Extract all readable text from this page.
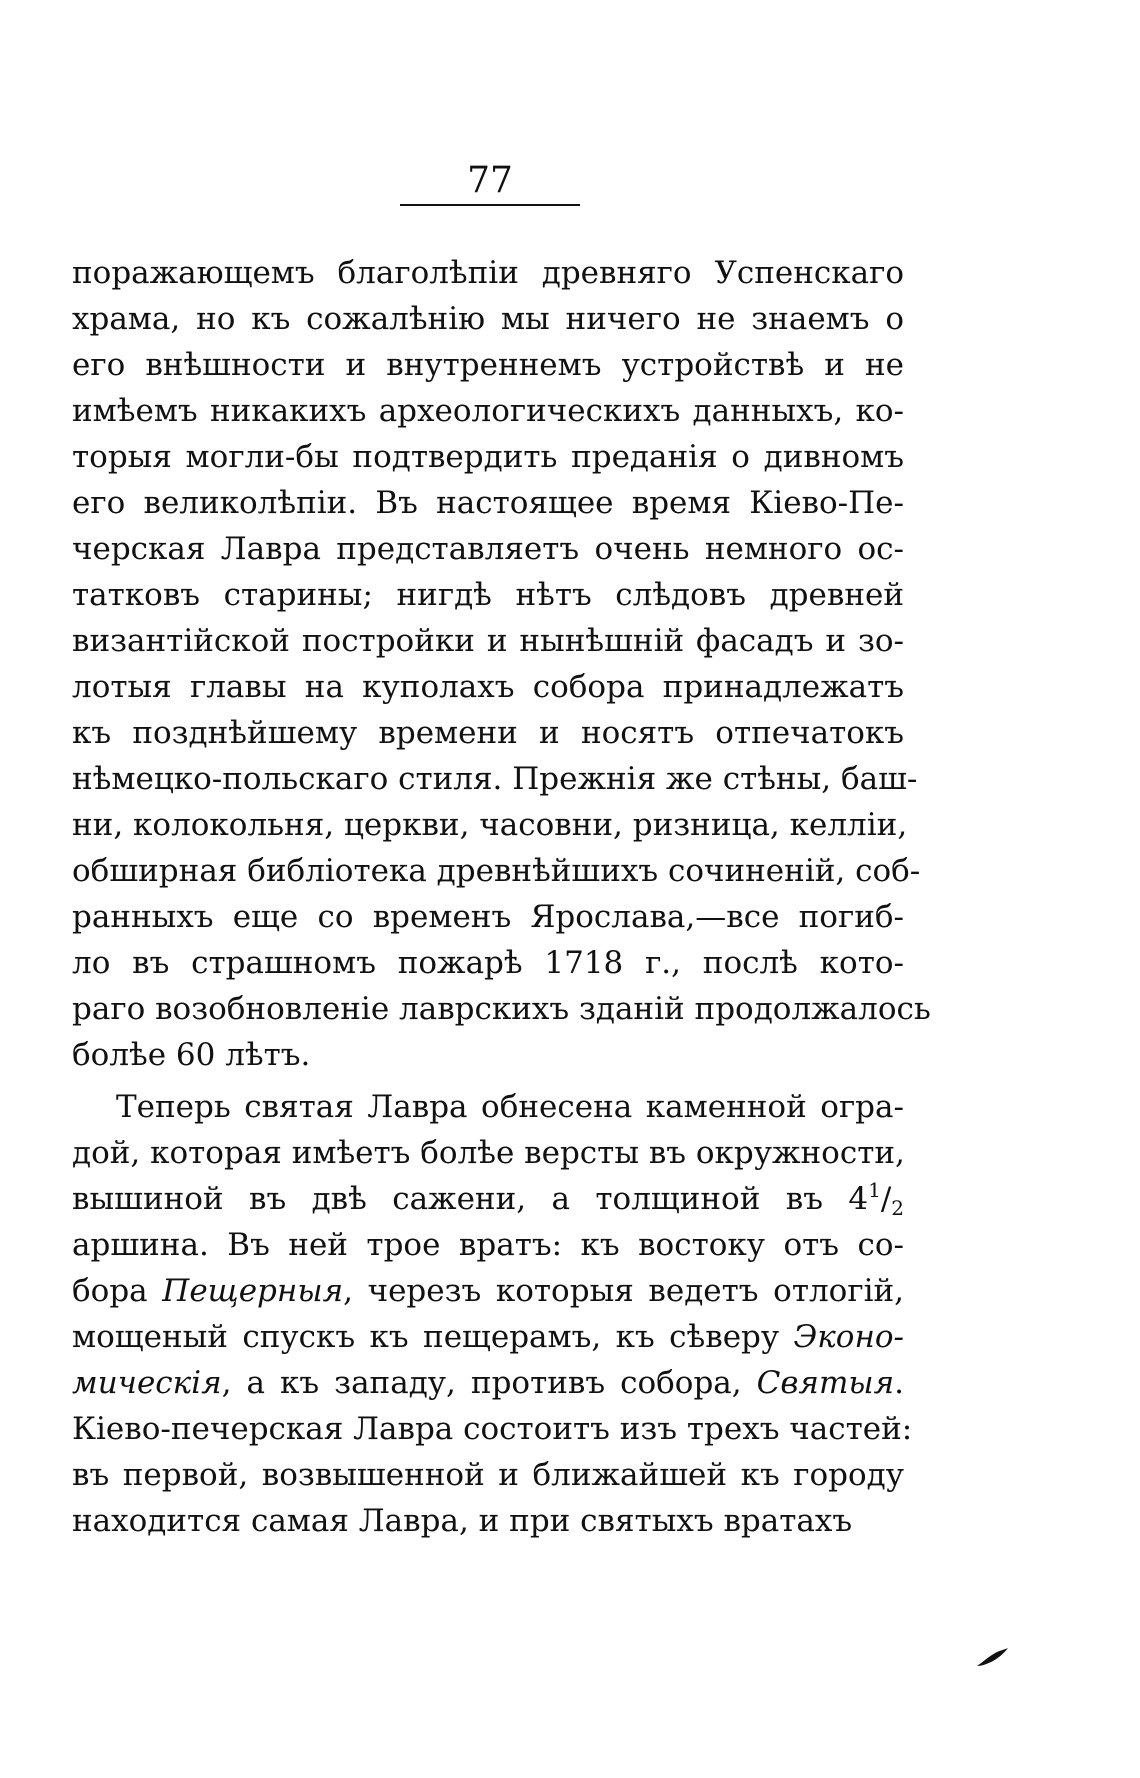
77
поражающемъ благолѣпіи древняго Успенскаго
храма, но къ сожалѣнію мы ничего не знаемъ о
его внѣшности и внутреннемъ устройствѣ и не
имѣемъ никакихъ археологическихъ данныхъ, ко-
торыя могли-бы подтвердить преданія о дивномъ
его великолѣпіи. Въ настоящее время Кіево-Пе-
черская Лавра представляетъ очень немного ос-
татковъ старины; нигдѣ нѣтъ слѣдовъ древней
византійской постройки и нынѣшній фасадъ и зо-
лотыя главы на куполахъ собора принадлежатъ
къ позднѣйшему времени и носятъ отпечатокъ
нѣмецко-польскаго стиля. Прежнія же стѣны, баш-
ни, колокольня, церкви, часовни, ризница, келліи,
обширная библіотека древнѣйшихъ сочиненій, соб-
ранныхъ еще со временъ Ярослава,—все погиб-
ло въ страшномъ пожарѣ 1718 г., послѣ кото-
раго возобновленіе лаврскихъ зданій продолжалось
болѣе 60 лѣтъ.
Теперь святая Лавра обнесена каменной огра-
дой, которая имѣетъ болѣе версты въ окружности,
вышиной въ двѣ сажени, а толщиной въ $4^1/_2$
аршина. Въ ней трое вратъ: къ востоку отъ со-
бора Пещерныя, черезъ которыя ведетъ отлогій,
мощеный спускъ къ пещерамъ, къ сѣверу Эконо-
мическія, а къ западу, противъ собора, Святыя.
Кіево-печерская Лавра состоитъ изъ трехъ частей:
въ первой, возвышенной и ближайшей къ городу
находится самая Лавра, и при святыхъ вратахъ
